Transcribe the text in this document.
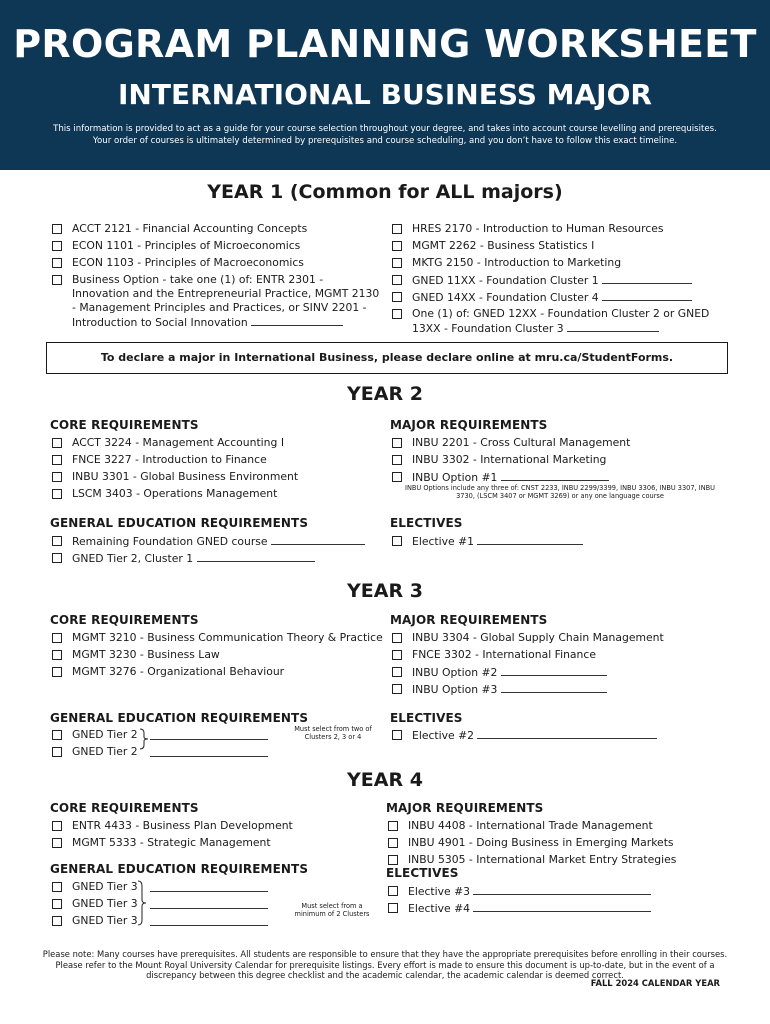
PROGRAM PLANNING WORKSHEET
INTERNATIONAL BUSINESS MAJOR
This information is provided to act as a guide for your course selection throughout your degree, and takes into account course levelling and prerequisites.
Your order of courses is ultimately determined by prerequisites and course scheduling, and you don’t have to follow this exact timeline.
YEAR 1 (Common for ALL majors)
ACCT 2121 - Financial Accounting Concepts
ECON 1101 - Principles of Microeconomics
ECON 1103 - Principles of Macroeconomics
Business Option - take one (1) of: ENTR 2301 - Innovation and the Entrepreneurial Practice, MGMT 2130 - Management Principles and Practices, or SINV 2201 - Introduction to Social Innovation
HRES 2170 - Introduction to Human Resources
MGMT 2262 - Business Statistics I
MKTG 2150 - Introduction to Marketing
GNED 11XX - Foundation Cluster 1
GNED 14XX - Foundation Cluster 4
One (1) of: GNED 12XX - Foundation Cluster 2 or GNED 13XX - Foundation Cluster 3
To declare a major in International Business, please declare online at mru.ca/StudentForms.
YEAR 2
CORE REQUIREMENTS
ACCT 3224 - Management Accounting I
FNCE 3227 - Introduction to Finance
INBU 3301 - Global Business Environment
LSCM 3403 - Operations Management
MAJOR REQUIREMENTS
INBU 2201 - Cross Cultural Management
INBU 3302 - International Marketing
INBU Option #1
INBU Options include any three of: CNST 2233, INBU 2299/3399, INBU 3306, INBU 3307, INBU 3730, (LSCM 3407 or MGMT 3269) or any one language course
GENERAL EDUCATION REQUIREMENTS
Remaining Foundation GNED course
GNED Tier 2, Cluster 1
ELECTIVES
Elective #1
YEAR 3
CORE REQUIREMENTS
MGMT 3210 - Business Communication Theory & Practice
MGMT 3230 - Business Law
MGMT 3276 - Organizational Behaviour
MAJOR REQUIREMENTS
INBU 3304 - Global Supply Chain Management
FNCE 3302 - International Finance
INBU Option #2
INBU Option #3
GENERAL EDUCATION REQUIREMENTS
GNED Tier 2
GNED Tier 2
Must select from two of Clusters 2, 3 or 4
ELECTIVES
Elective #2
YEAR 4
CORE REQUIREMENTS
ENTR 4433 - Business Plan Development
MGMT 5333 - Strategic Management
MAJOR REQUIREMENTS
INBU 4408 - International Trade Management
INBU 4901 - Doing Business in Emerging Markets
INBU 5305 - International Market Entry Strategies
GENERAL EDUCATION REQUIREMENTS
GNED Tier 3
GNED Tier 3
GNED Tier 3
Must select from a minimum of 2 Clusters
ELECTIVES
Elective #3
Elective #4
Please note: Many courses have prerequisites. All students are responsible to ensure that they have the appropriate prerequisites before enrolling in their courses.
Please refer to the Mount Royal University Calendar for prerequisite listings. Every effort is made to ensure this document is up-to-date, but in the event of a
discrepancy between this degree checklist and the academic calendar, the academic calendar is deemed correct.
FALL 2024 CALENDAR YEAR
